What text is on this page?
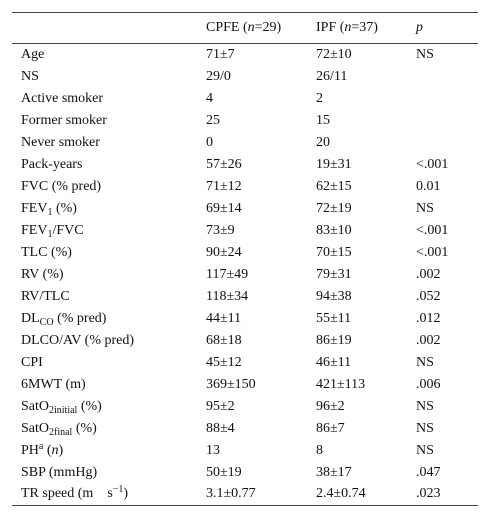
	CPFE (n=29)	IPF (n=37)	p
Age	71±7	72±10	NS
NS	29/0	26/11	
Active smoker	4	2	
Former smoker	25	15	
Never smoker	0	20	
Pack-years	57±26	19±31	<.001
FVC (% pred)	71±12	62±15	0.01
$FEV_1$ (%)	69±14	72±19	NS
$FEV_1$/FVC	73±9	83±10	<.001
TLC (%)	90±24	70±15	<.001
RV (%)	117±49	79±31	.002
RV/TLC	118±34	94±38	.052
$DL_{CO}$ (% pred)	44±11	55±11	.012
DLCO/AV (% pred)	68±18	86±19	.002
CPI	45±12	46±11	NS
6MWT (m)	369±150	421±113	.006
SatO$_{2initial}$ (%)	95±2	96±2	NS
SatO$_{2final}$ (%)	88±4	86±7	NS
$PH^a$ (n)	13	8	NS
SBP (mmHg)	50±19	38±17	.047
TR speed (m    $s^{-1}$)	3.1±0.77	2.4±0.74	.023
